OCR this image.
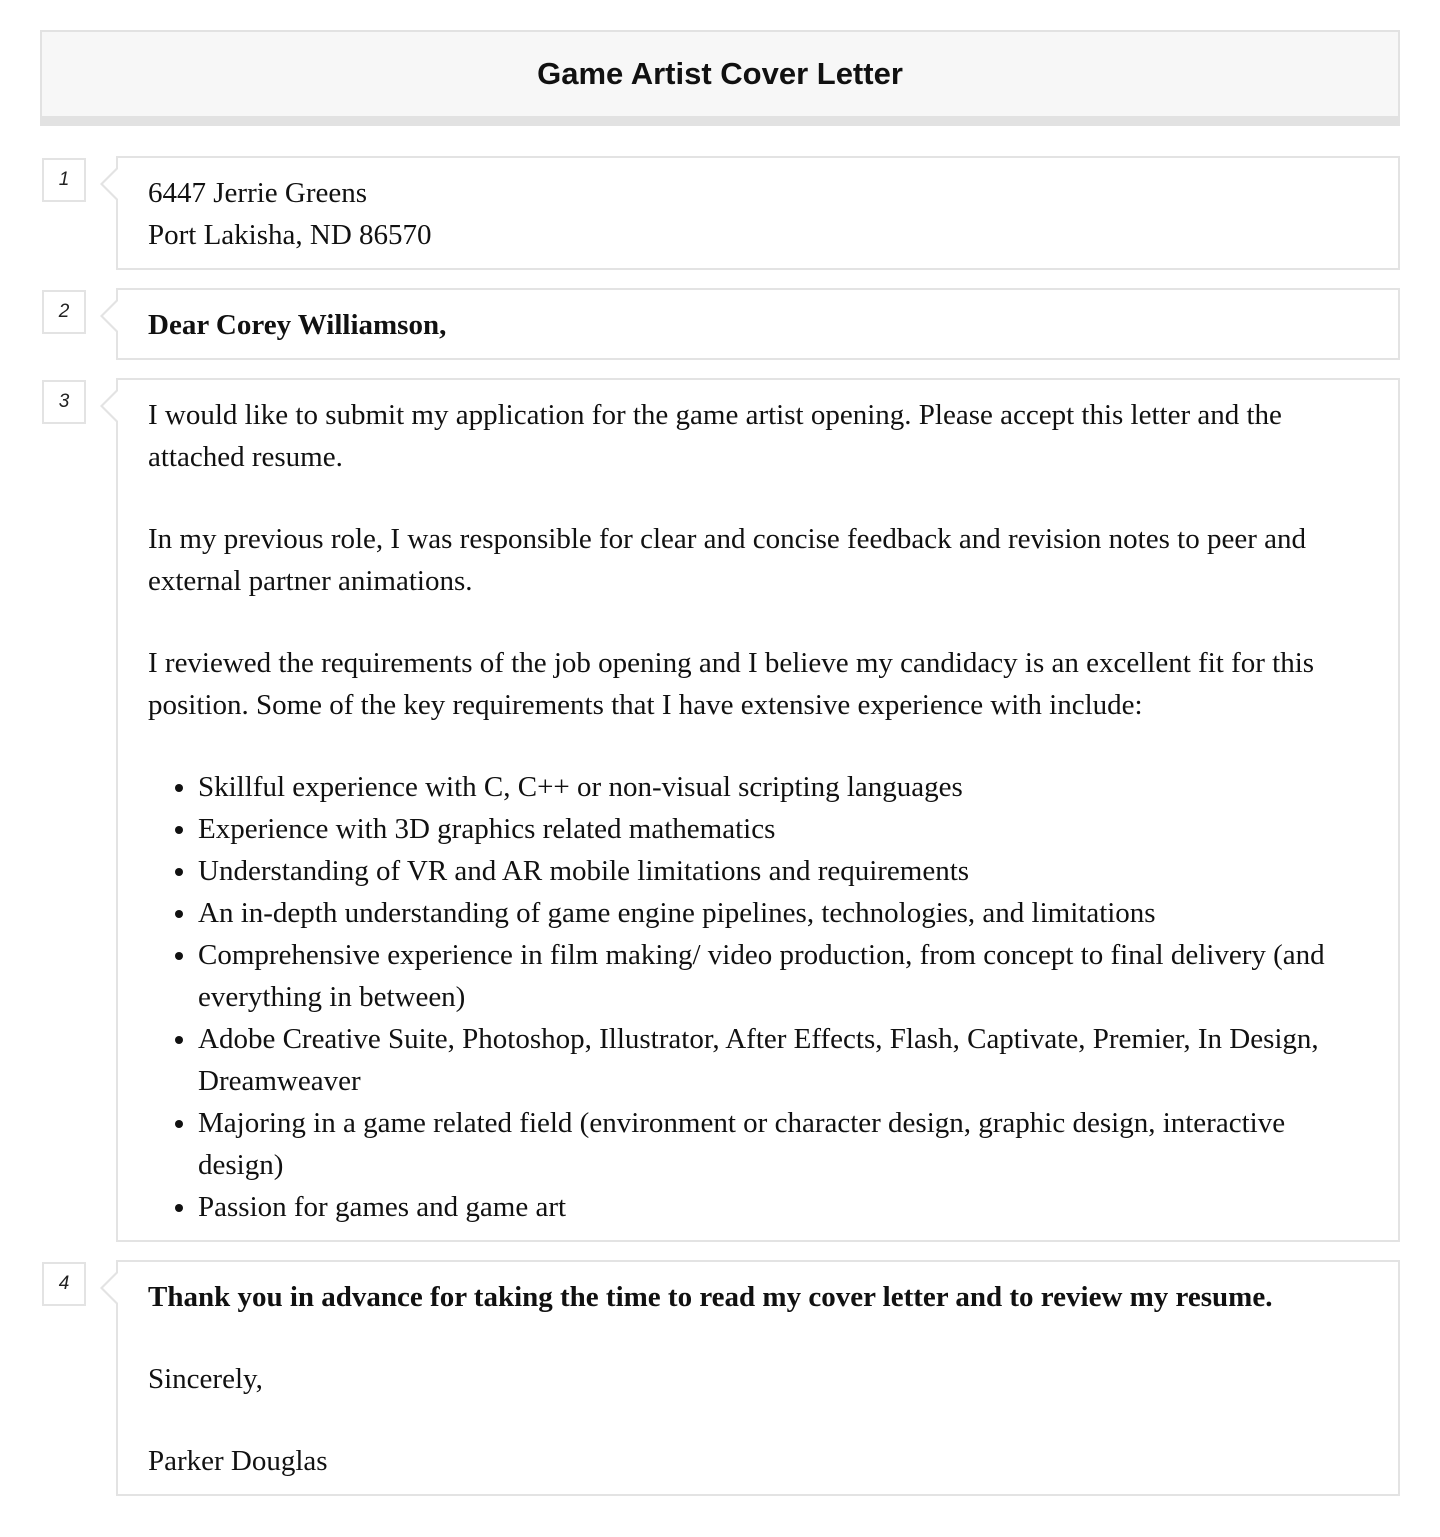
Game Artist Cover Letter
1	6447 Jerrie Greens
Port Lakisha, ND 86570
2	Dear Corey Williamson,
3	I would like to submit my application for the game artist opening. Please accept this letter and the attached resume.

In my previous role, I was responsible for clear and concise feedback and revision notes to peer and external partner animations.

I reviewed the requirements of the job opening and I believe my candidacy is an excellent fit for this position. Some of the key requirements that I have extensive experience with include:

• Skillful experience with C, C++ or non-visual scripting languages
• Experience with 3D graphics related mathematics
• Understanding of VR and AR mobile limitations and requirements
• An in-depth understanding of game engine pipelines, technologies, and limitations
• Comprehensive experience in film making/ video production, from concept to final delivery (and everything in between)
• Adobe Creative Suite, Photoshop, Illustrator, After Effects, Flash, Captivate, Premier, In Design, Dreamweaver
• Majoring in a game related field (environment or character design, graphic design, interactive design)
• Passion for games and game art
4	Thank you in advance for taking the time to read my cover letter and to review my resume.

Sincerely,

Parker Douglas
